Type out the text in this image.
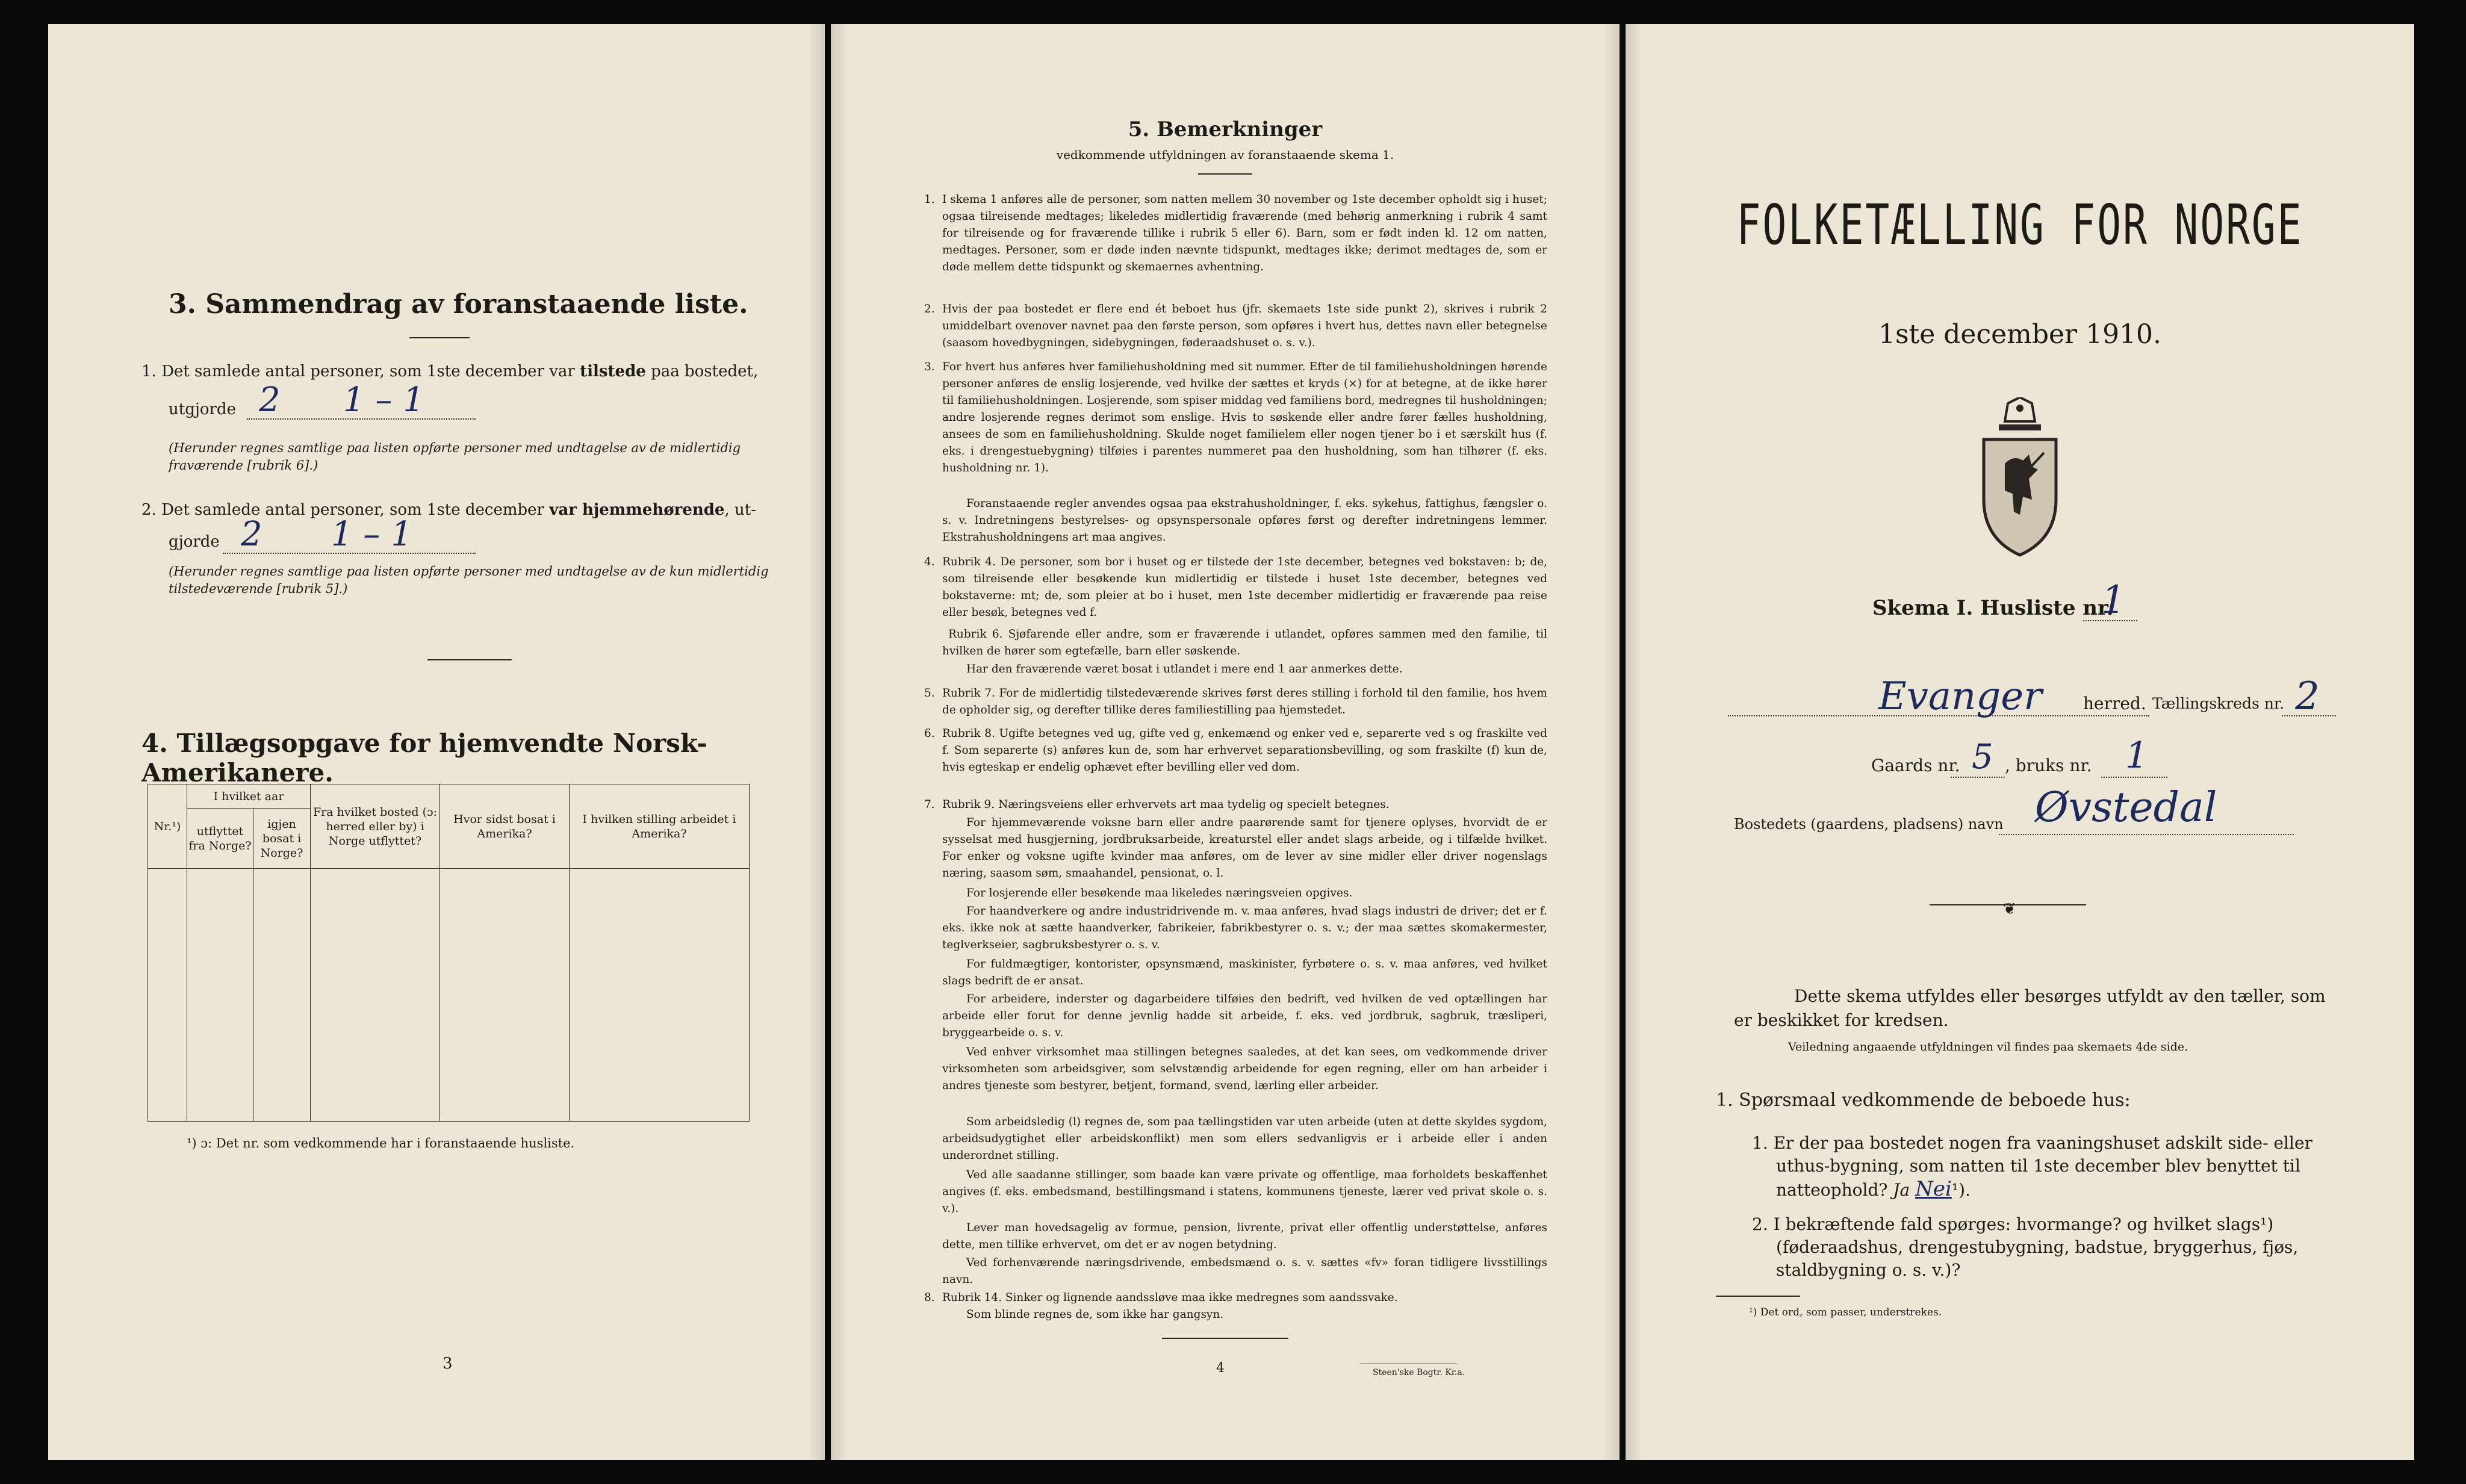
3. Sammendrag av foranstaaende liste.
1. Det samlede antal personer, som 1ste december var tilstede paa bostedet,
utgjorde 2 1 – 1
(Herunder regnes samtlige paa listen opførte personer med undtagelse av de midlertidig fraværende [rubrik 6].)
2. Det samlede antal personer, som 1ste december var hjemmehørende, ut-
gjorde 2 1 – 1
(Herunder regnes samtlige paa listen opførte personer med undtagelse av de kun midlertidig tilstedeværende [rubrik 5].)
4. Tillægsopgave for hjemvendte Norsk-Amerikanere.
Nr.¹)	I hvilket aar		Fra hvilket bosted (ɔ: herred eller by) i Norge utflyttet?	Hvor sidst bosat i Amerika?	I hvilken stilling arbeidet i Amerika?
	utflyttet fra Norge?	igjen bosat i Norge?			

¹) ɔ: Det nr. som vedkommende har i foranstaaende husliste.
3
5. Bemerkninger
vedkommende utfyldningen av foranstaaende skema 1.
1. I skema 1 anføres alle de personer, som natten mellem 30 november og 1ste december opholdt sig i huset; ogsaa tilreisende medtages; likeledes midlertidig fraværende (med behørig anmerkning i rubrik 4 samt for tilreisende og for fraværende tillike i rubrik 5 eller 6). Barn, som er født inden kl. 12 om natten, medtages. Personer, som er døde inden nævnte tidspunkt, medtages ikke; derimot medtages de, som er døde mellem dette tidspunkt og skemaernes avhentning.
2. Hvis der paa bostedet er flere end ét beboet hus (jfr. skemaets 1ste side punkt 2), skrives i rubrik 2 umiddelbart ovenover navnet paa den første person, som opføres i hvert hus, dettes navn eller betegnelse (saasom hovedbygningen, sidebygningen, føderaadshuset o. s. v.).
3. For hvert hus anføres hver familiehusholdning med sit nummer. Efter de til familiehusholdningen hørende personer anføres de enslig losjerende, ved hvilke der sættes et kryds (×) for at betegne, at de ikke hører til familiehusholdningen. Losjerende, som spiser middag ved familiens bord, medregnes til husholdningen; andre losjerende regnes derimot som enslige. Hvis to søskende eller andre fører fælles husholdning, ansees de som en familiehusholdning. Skulde noget familielem eller nogen tjener bo i et særskilt hus (f. eks. i drengestuebygning) tilføies i parentes nummeret paa den husholdning, som han tilhører (f. eks. husholdning nr. 1).
Foranstaaende regler anvendes ogsaa paa ekstrahusholdninger, f. eks. sykehus, fattighus, fængsler o. s. v. Indretningens bestyrelses- og opsynspersonale opføres først og derefter indretningens lemmer. Ekstrahusholdningens art maa angives.
4. Rubrik 4. De personer, som bor i huset og er tilstede der 1ste december, betegnes ved bokstaven: b; de, som tilreisende eller besøkende kun midlertidig er tilstede i huset 1ste december, betegnes ved bokstaverne: mt; de, som pleier at bo i huset, men 1ste december midlertidig er fraværende paa reise eller besøk, betegnes ved f.
Rubrik 6. Sjøfarende eller andre, som er fraværende i utlandet, opføres sammen med den familie, til hvilken de hører som egtefælle, barn eller søskende.
Har den fraværende været bosat i utlandet i mere end 1 aar anmerkes dette.
5. Rubrik 7. For de midlertidig tilstedeværende skrives først deres stilling i forhold til den familie, hos hvem de opholder sig, og derefter tillike deres familiestilling paa hjemstedet.
6. Rubrik 8. Ugifte betegnes ved ug, gifte ved g, enkemænd og enker ved e, separerte ved s og fraskilte ved f. Som separerte (s) anføres kun de, som har erhvervet separationsbevilling, og som fraskilte (f) kun de, hvis egteskap er endelig ophævet efter bevilling eller ved dom.
7. Rubrik 9. Næringsveiens eller erhvervets art maa tydelig og specielt betegnes.
For hjemmeværende voksne barn eller andre paarørende samt for tjenere oplyses, hvorvidt de er sysselsat med husgjerning, jordbruksarbeide, kreaturstel eller andet slags arbeide, og i tilfælde hvilket. For enker og voksne ugifte kvinder maa anføres, om de lever av sine midler eller driver nogenslags næring, saasom søm, smaahandel, pensionat, o. l.
For losjerende eller besøkende maa likeledes næringsveien opgives.
For haandverkere og andre industridrivende m. v. maa anføres, hvad slags industri de driver; det er f. eks. ikke nok at sætte haandverker, fabrikeier, fabrikbestyrer o. s. v.; der maa sættes skomakermester, teglverkseier, sagbruksbestyrer o. s. v.
For fuldmægtiger, kontorister, opsynsmænd, maskinister, fyrbøtere o. s. v. maa anføres, ved hvilket slags bedrift de er ansat.
For arbeidere, inderster og dagarbeidere tilføies den bedrift, ved hvilken de ved optællingen har arbeide eller forut for denne jevnlig hadde sit arbeide, f. eks. ved jordbruk, sagbruk, træsliperi, bryggearbeide o. s. v.
Ved enhver virksomhet maa stillingen betegnes saaledes, at det kan sees, om vedkommende driver virksomheten som arbeidsgiver, som selvstændig arbeidende for egen regning, eller om han arbeider i andres tjeneste som bestyrer, betjent, formand, svend, lærling eller arbeider.
Som arbeidsledig (l) regnes de, som paa tællingstiden var uten arbeide (uten at dette skyldes sygdom, arbeidsudygtighet eller arbeidskonflikt) men som ellers sedvanligvis er i arbeide eller i anden underordnet stilling.
Ved alle saadanne stillinger, som baade kan være private og offentlige, maa forholdets beskaffenhet angives (f. eks. embedsmand, bestillingsmand i statens, kommunens tjeneste, lærer ved privat skole o. s. v.).
Lever man hovedsagelig av formue, pension, livrente, privat eller offentlig understøttelse, anføres dette, men tillike erhvervet, om det er av nogen betydning.
Ved forhenværende næringsdrivende, embedsmænd o. s. v. sættes «fv» foran tidligere livsstillings navn.
8. Rubrik 14. Sinker og lignende aandssløve maa ikke medregnes som aandssvake.
Som blinde regnes de, som ikke har gangsyn.
4	Steen'ske Bogtr. Kr.a.
FOLKETÆLLING FOR NORGE
1ste december 1910.
Skema I. Husliste nr.
1
Evanger herred. Tællingskreds nr. 2
Gaards nr. 5 , bruks nr. 1
Bostedets (gaardens, pladsens) navn Øvstedal
❦
Dette skema utfyldes eller besørges utfyldt av den tæller, som er beskikket for kredsen.
Veiledning angaaende utfyldningen vil findes paa skemaets 4de side.
1. Spørsmaal vedkommende de beboede hus:
1. Er der paa bostedet nogen fra vaaningshuset adskilt side- eller uthus-bygning, som natten til 1ste december blev benyttet til natteophold? Ja Nei¹).
2. I bekræftende fald spørges: hvormange? og hvilket slags¹) (føderaadshus, drengestubygning, badstue, bryggerhus, fjøs, staldbygning o. s. v.)?
¹) Det ord, som passer, understrekes.
